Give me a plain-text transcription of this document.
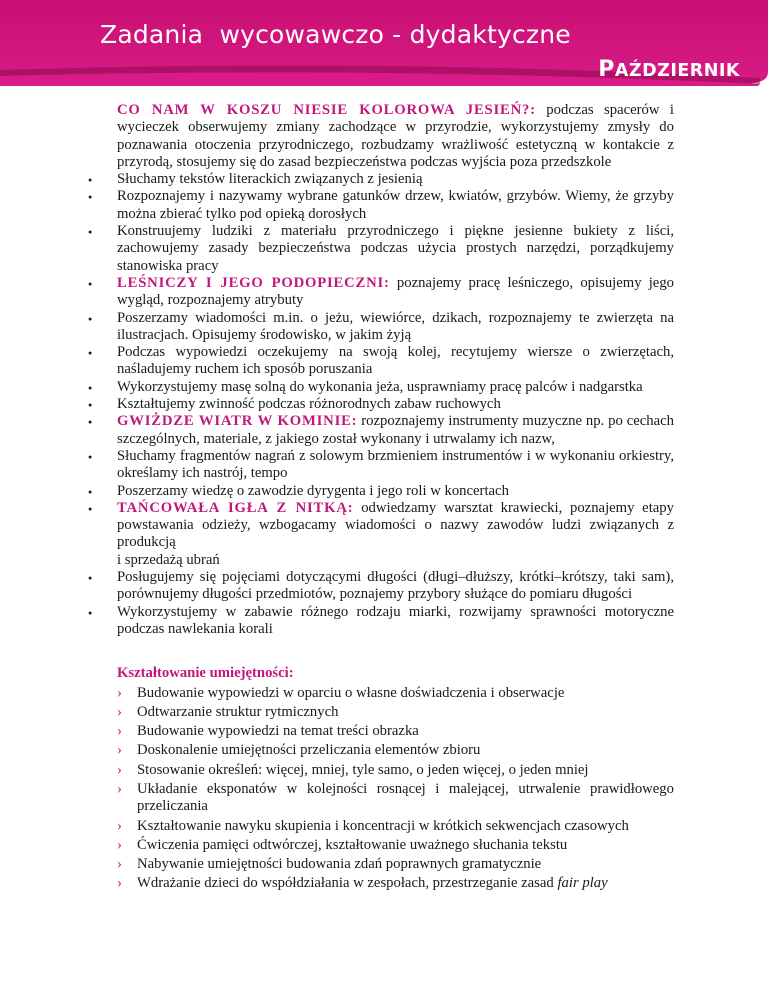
Zadania  wycowawczo - dydaktyczne
PAŹDZIERNIK

CO NAM W KOSZU NIESIE KOLOROWA JESIEŃ?: podczas spacerów i wycieczek obserwujemy zmiany zachodzące w przyrodzie, wykorzystujemy zmysły do poznawania otoczenia przyrodniczego, rozbudzamy wrażliwość estetyczną w kontakcie z przyrodą, stosujemy się do zasad bezpieczeństwa podczas wyjścia poza przedszkole

● Słuchamy tekstów literackich związanych z jesienią
● Rozpoznajemy i nazywamy wybrane gatunków drzew, kwiatów, grzybów. Wiemy, że grzyby można zbierać tylko pod opieką dorosłych
● Konstruujemy ludziki z materiału przyrodniczego i piękne jesienne bukiety z liści, zachowujemy zasady bezpieczeństwa podczas użycia prostych narzędzi, porządkujemy stanowiska pracy
● LEŚNICZY I JEGO PODOPIECZNI: poznajemy pracę leśniczego, opisujemy jego wygląd, rozpoznajemy atrybuty
● Poszerzamy wiadomości m.in. o jeżu, wiewiórce, dzikach, rozpoznajemy te zwierzęta na ilustracjach. Opisujemy środowisko, w jakim żyją
● Podczas wypowiedzi oczekujemy na swoją kolej, recytujemy wiersze o zwierzętach, naśladujemy ruchem ich sposób poruszania
● Wykorzystujemy masę solną do wykonania jeża, usprawniamy pracę palców i nadgarstka
● Kształtujemy zwinność podczas różnorodnych zabaw ruchowych
● GWIŻDZE WIATR W KOMINIE: rozpoznajemy instrumenty muzyczne np. po cechach szczególnych, materiale, z jakiego został wykonany i utrwalamy ich nazw,
● Słuchamy fragmentów nagrań z solowym brzmieniem instrumentów i w wykonaniu orkiestry, określamy ich nastrój, tempo
● Poszerzamy wiedzę o zawodzie dyrygenta i jego roli w koncertach
● TAŃCOWAŁA IGŁA Z NITKĄ: odwiedzamy warsztat krawiecki, poznajemy etapy powstawania odzieży, wzbogacamy wiadomości o nazwy zawodów ludzi związanych z produkcją
i sprzedażą ubrań
● Posługujemy się pojęciami dotyczącymi długości (długi–dłuższy, krótki–krótszy, taki sam), porównujemy długości przedmiotów, poznajemy przybory służące do pomiaru długości
● Wykorzystujemy w zabawie różnego rodzaju miarki, rozwijamy sprawności motoryczne podczas nawlekania korali
Kształtowanie umiejętności:
› Budowanie wypowiedzi w oparciu o własne doświadczenia i obserwacje
› Odtwarzanie struktur rytmicznych
› Budowanie wypowiedzi na temat treści obrazka
› Doskonalenie umiejętności przeliczania elementów zbioru
› Stosowanie określeń: więcej, mniej, tyle samo, o jeden więcej, o jeden mniej
› Układanie eksponatów w kolejności rosnącej i malejącej, utrwalenie prawidłowego przeliczania
› Kształtowanie nawyku skupienia i koncentracji w krótkich sekwencjach czasowych
› Ćwiczenia pamięci odtwórczej, kształtowanie uważnego słuchania tekstu
› Nabywanie umiejętności budowania zdań poprawnych gramatycznie
› Wdrażanie dzieci do współdziałania w zespołach, przestrzeganie zasad fair play
